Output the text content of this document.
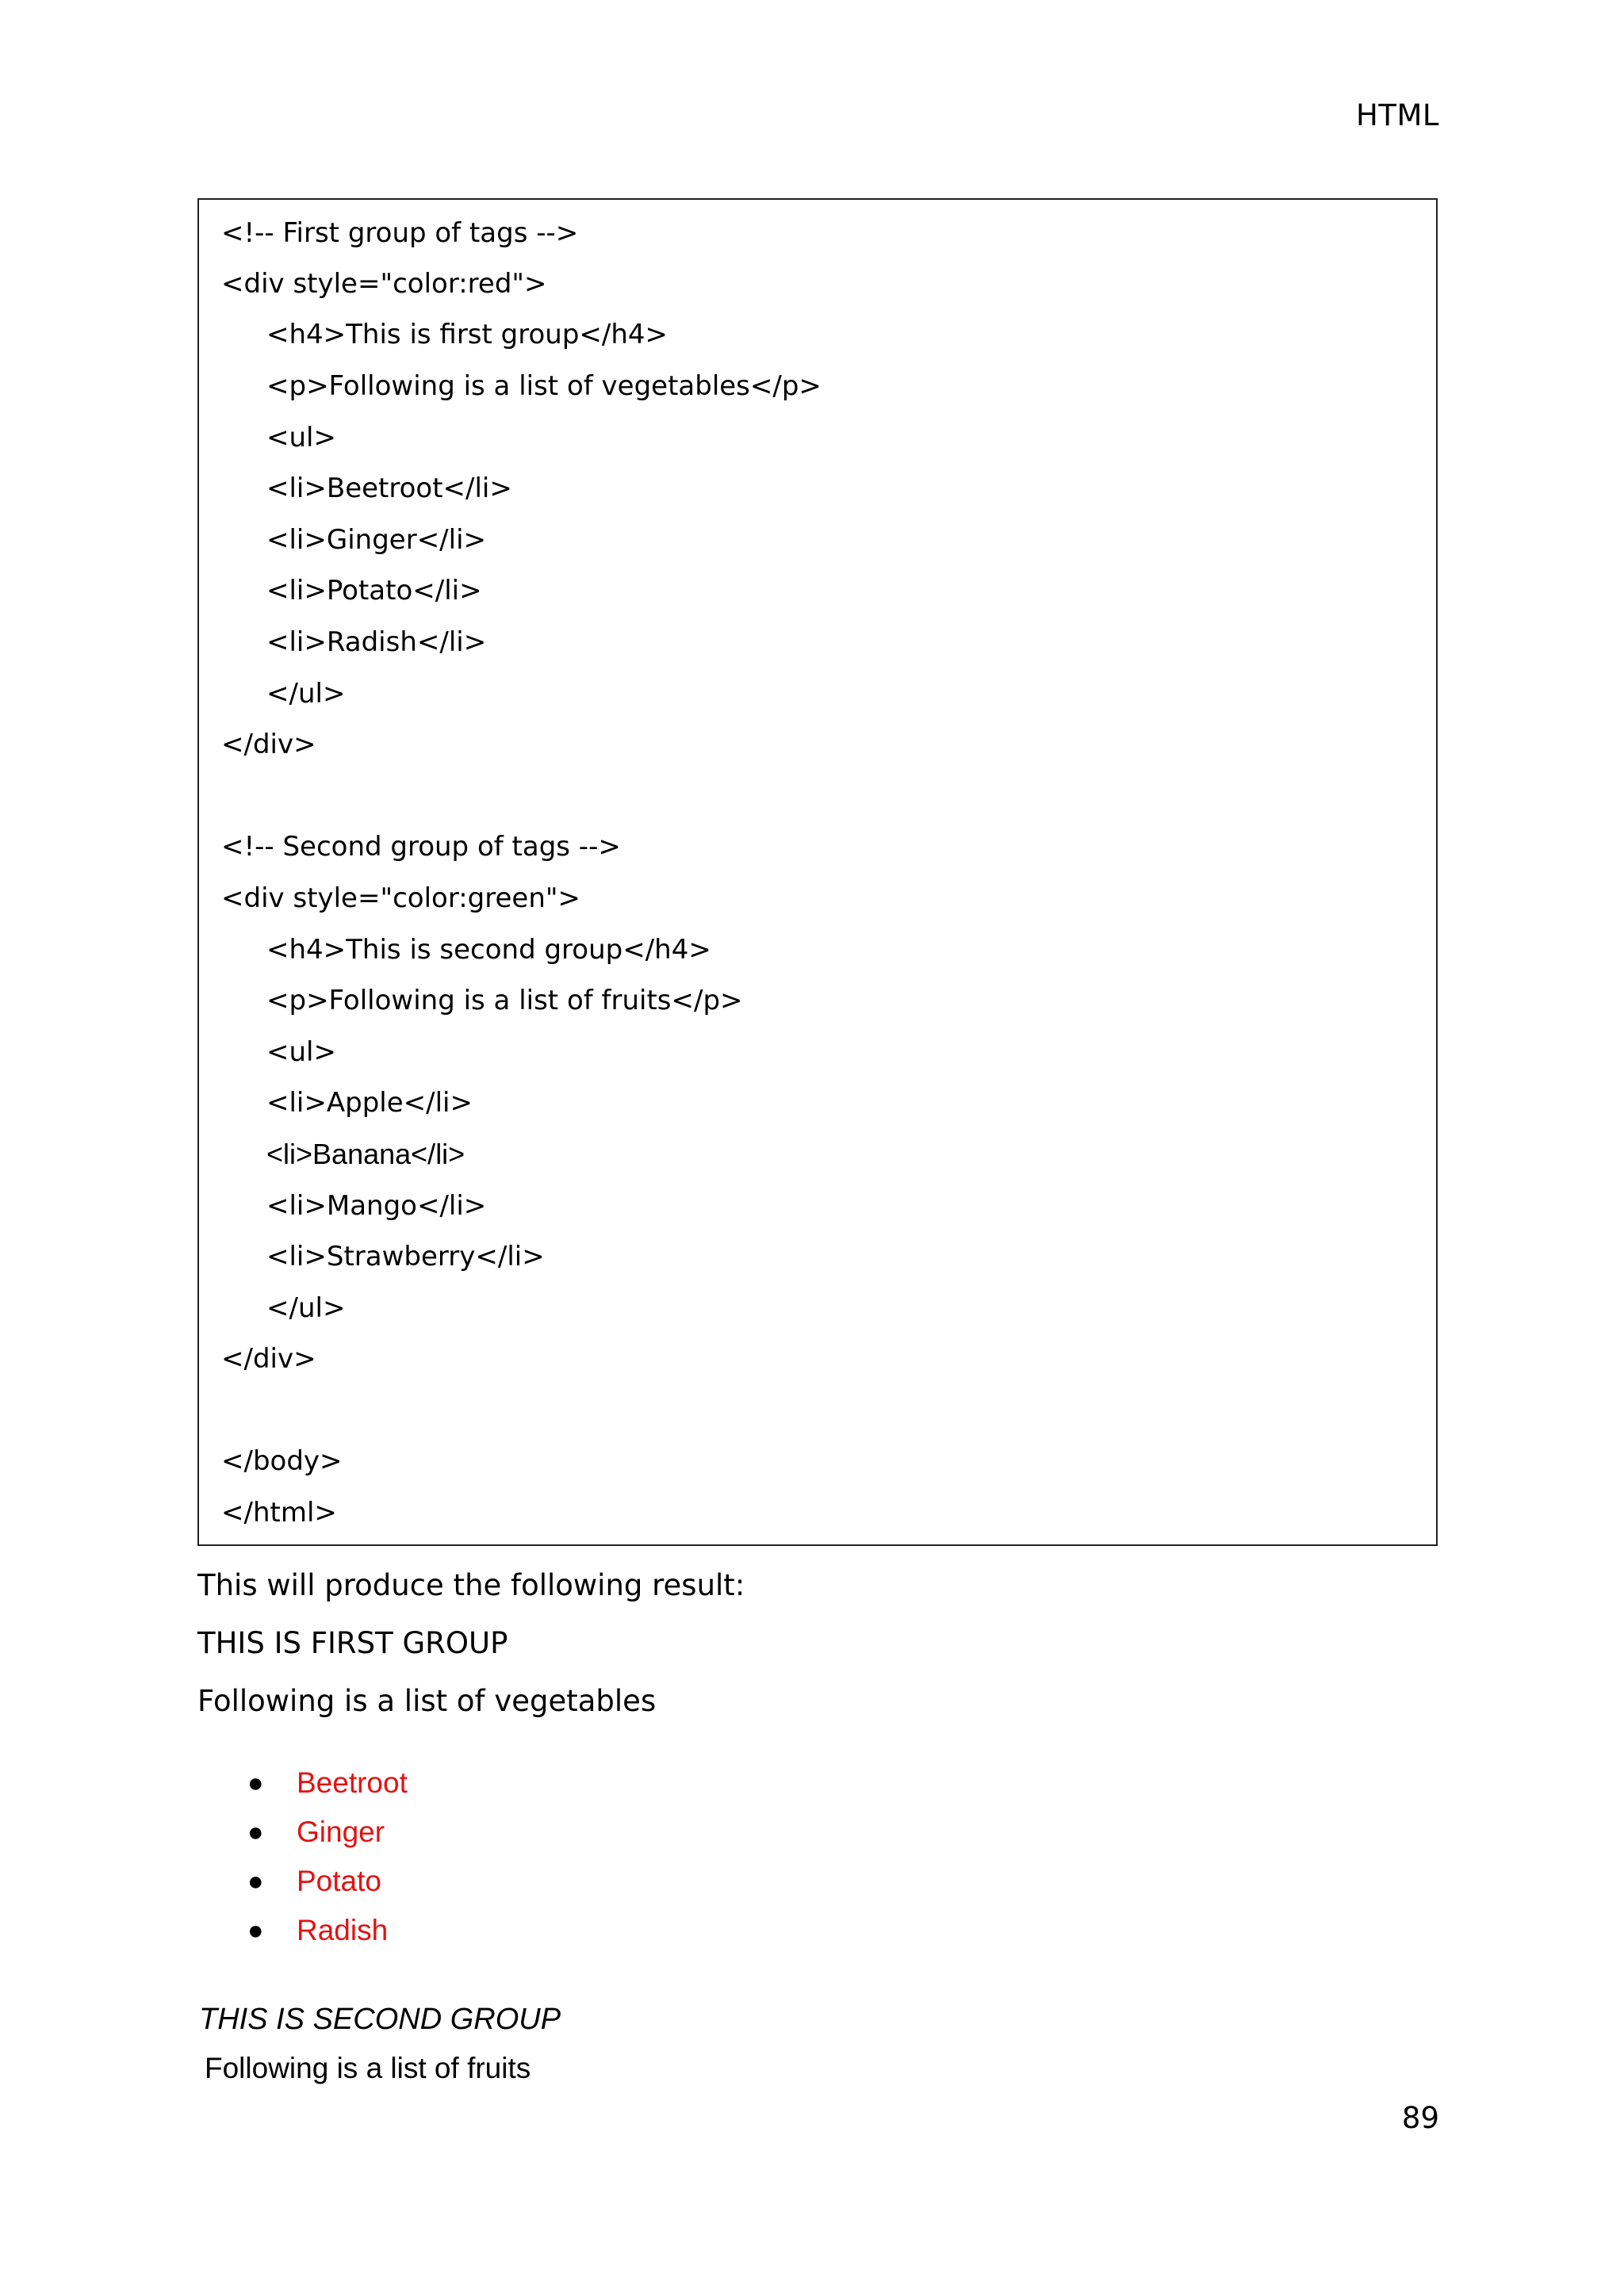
HTML
<!-- First group of tags -->
<div style="color:red">
<h4>This is first group</h4>
<p>Following is a list of vegetables</p>
<ul>
<li>Beetroot</li>
<li>Ginger</li>
<li>Potato</li>
<li>Radish</li>
</ul>
</div>
<!-- Second group of tags -->
<div style="color:green">
<h4>This is second group</h4>
<p>Following is a list of fruits</p>
<ul>
<li>Apple</li>
<li>Banana</li>
<li>Mango</li>
<li>Strawberry</li>
</ul>
</div>
</body>
</html>
This will produce the following result:
THIS IS FIRST GROUP
Following is a list of vegetables
● Beetroot
● Ginger
● Potato
● Radish
THIS IS SECOND GROUP
Following is a list of fruits
89
